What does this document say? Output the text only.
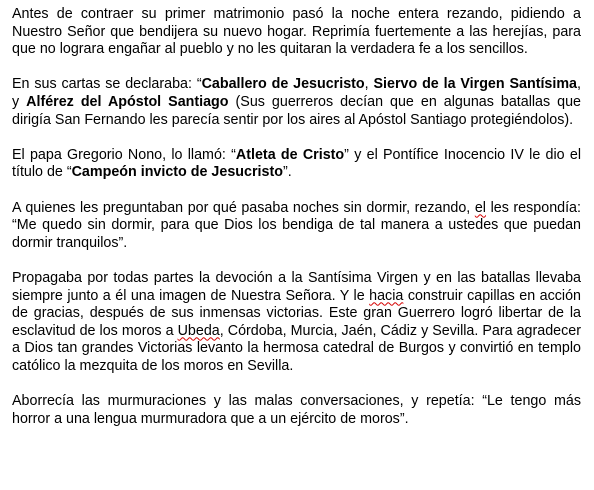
Antes de contraer su primer matrimonio pasó la noche entera rezando, pidiendo a Nuestro Señor que bendijera su nuevo hogar. Reprimía fuertemente a las herejías, para que no lograra engañar al pueblo y no les quitaran la verdadera fe a los sencillos.

En sus cartas se declaraba: “Caballero de Jesucristo, Siervo de la Virgen Santísima, y Alférez del Apóstol Santiago (Sus guerreros decían que en algunas batallas que dirigía San Fernando les parecía sentir por los aires al Apóstol Santiago protegiéndolos).

El papa Gregorio Nono, lo llamó: “Atleta de Cristo” y el Pontífice Inocencio IV le dio el título de “Campeón invicto de Jesucristo”.

A quienes les preguntaban por qué pasaba noches sin dormir, rezando, el les respondía: “Me quedo sin dormir, para que Dios los bendiga de tal manera a ustedes que puedan dormir tranquilos”.

Propagaba por todas partes la devoción a la Santísima Virgen y en las batallas llevaba siempre junto a él una imagen de Nuestra Señora. Y le hacia construir capillas en acción de gracias, después de sus inmensas victorias. Este gran Guerrero logró libertar de la esclavitud de los moros a Ubeda, Córdoba, Murcia, Jaén, Cádiz y Sevilla. Para agradecer a Dios tan grandes Victorias levanto la hermosa catedral de Burgos y convirtió en templo católico la mezquita de los moros en Sevilla.

Aborrecía las murmuraciones y las malas conversaciones, y repetía: “Le tengo más horror a una lengua murmuradora que a un ejército de moros”.
